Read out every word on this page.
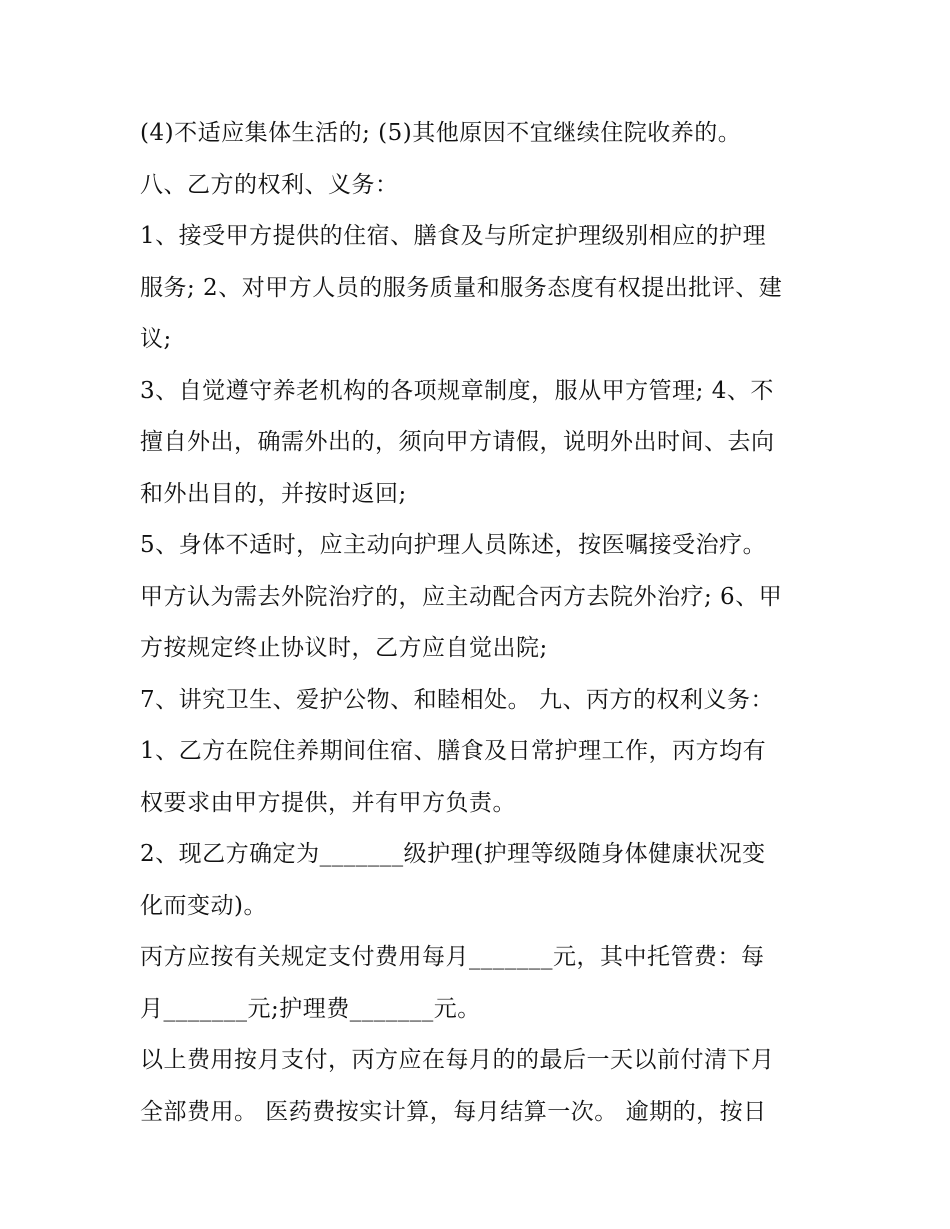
(4)不适应集体生活的; (5)其他原因不宜继续住院收养的。
八、乙方的权利、义务：
1、接受甲方提供的住宿、膳食及与所定护理级别相应的护理
服务; 2、对甲方人员的服务质量和服务态度有权提出批评、建
议;
3、自觉遵守养老机构的各项规章制度，服从甲方管理; 4、不
擅自外出，确需外出的，须向甲方请假，说明外出时间、去向
和外出目的，并按时返回;
5、身体不适时，应主动向护理人员陈述，按医嘱接受治疗。
甲方认为需去外院治疗的，应主动配合丙方去院外治疗; 6、甲
方按规定终止协议时，乙方应自觉出院;
7、讲究卫生、爱护公物、和睦相处。 九、丙方的权利义务：
1、乙方在院住养期间住宿、膳食及日常护理工作，丙方均有
权要求由甲方提供，并有甲方负责。
2、现乙方确定为_______级护理(护理等级随身体健康状况变
化而变动)。
丙方应按有关规定支付费用每月_______元，其中托管费：每
月_______元;护理费_______元。
以上费用按月支付，丙方应在每月的的最后一天以前付清下月
全部费用。 医药费按实计算，每月结算一次。 逾期的，按日
